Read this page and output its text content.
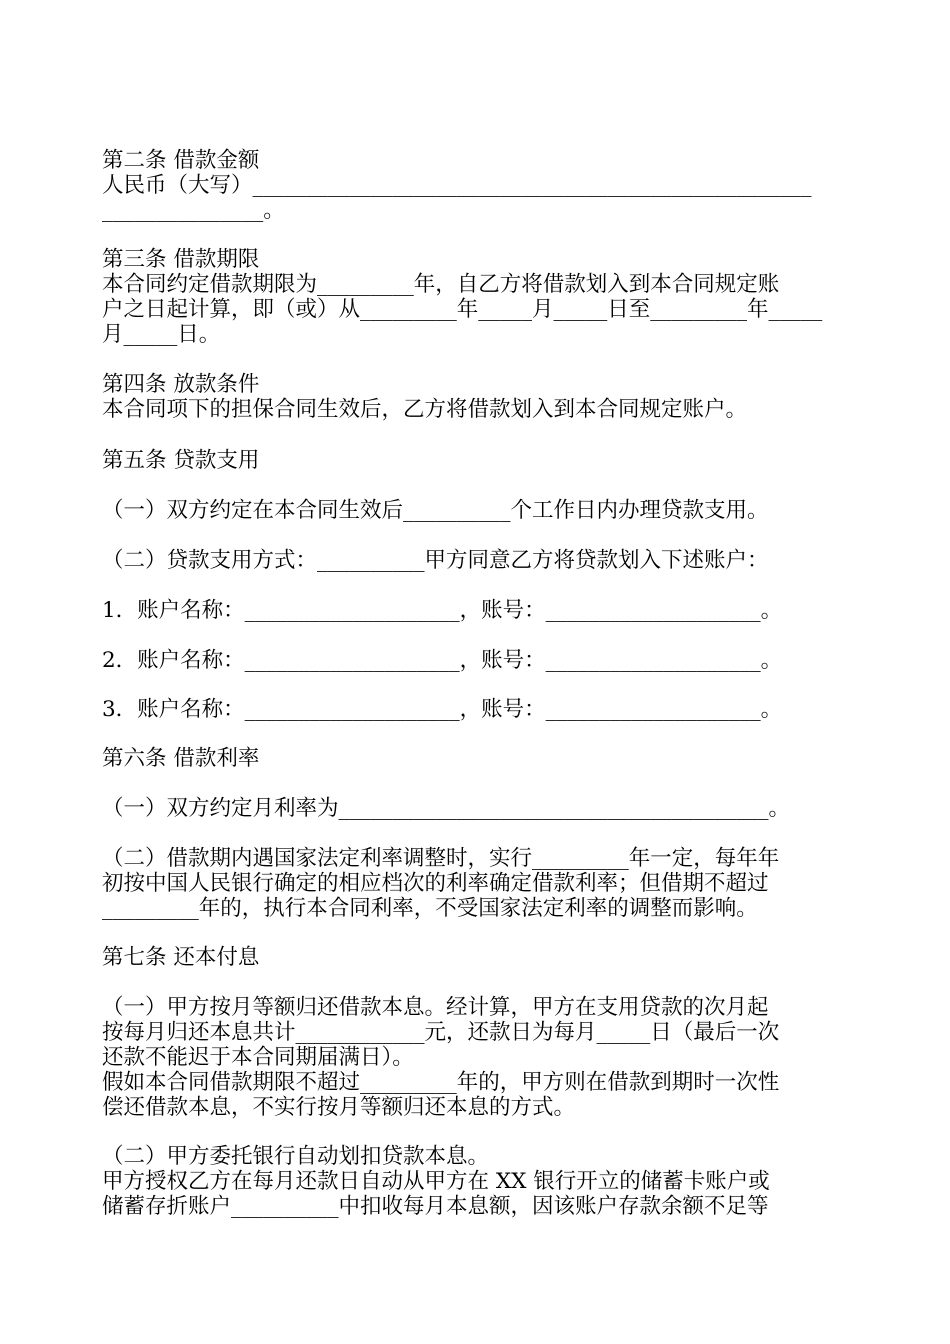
第二条 借款金额

人民币（大写）____________________________________________________

_______________。

第三条 借款期限

本合同约定借款期限为_________年，自乙方将借款划入到本合同规定账

户之日起计算，即（或）从_________年_____月_____日至_________年_____

月_____日。

第四条 放款条件

本合同项下的担保合同生效后，乙方将借款划入到本合同规定账户。

第五条 贷款支用

（一）双方约定在本合同生效后__________个工作日内办理贷款支用。

（二）贷款支用方式：__________甲方同意乙方将贷款划入下述账户：

1．账户名称：____________________，账号：____________________。

2．账户名称：____________________，账号：____________________。

3．账户名称：____________________，账号：____________________。

第六条 借款利率

（一）双方约定月利率为________________________________________。

（二）借款期内遇国家法定利率调整时，实行_________年一定，每年年

初按中国人民银行确定的相应档次的利率确定借款利率；但借期不超过

_________年的，执行本合同利率，不受国家法定利率的调整而影响。

第七条 还本付息

（一）甲方按月等额归还借款本息。经计算，甲方在支用贷款的次月起

按每月归还本息共计____________元，还款日为每月_____日（最后一次

还款不能迟于本合同期届满日）。

假如本合同借款期限不超过_________年的，甲方则在借款到期时一次性

偿还借款本息，不实行按月等额归还本息的方式。

（二）甲方委托银行自动划扣贷款本息。

甲方授权乙方在每月还款日自动从甲方在 XX 银行开立的储蓄卡账户或

储蓄存折账户__________中扣收每月本息额，因该账户存款余额不足等
